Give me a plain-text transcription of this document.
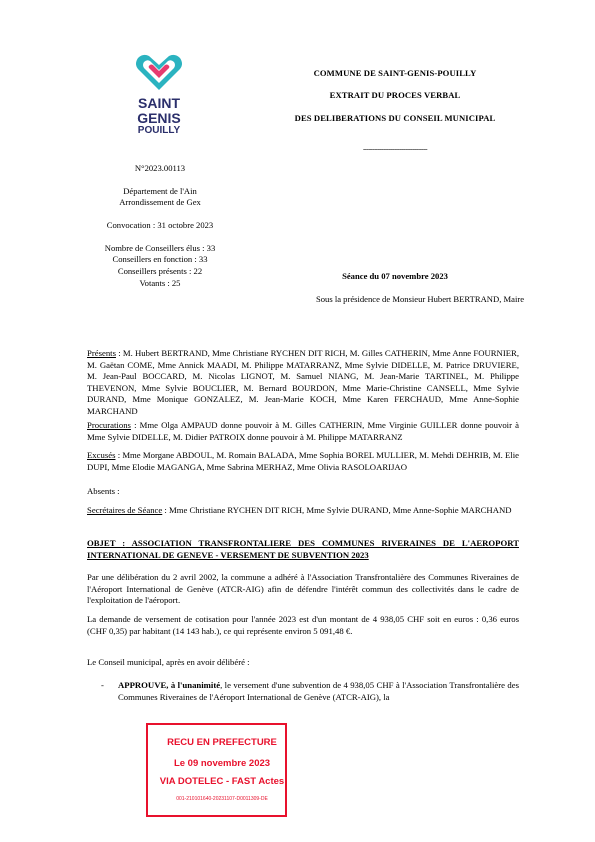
SAINT
GENIS
POUILLY
N°2023.00113
Département de l'Ain
Arrondissement de Gex
Convocation : 31 octobre 2023
Nombre de Conseillers élus : 33
Conseillers en fonction : 33
Conseillers présents : 22
Votants : 25
COMMUNE DE SAINT-GENIS-POUILLY
EXTRAIT DU PROCES VERBAL
DES DELIBERATIONS DU CONSEIL MUNICIPAL
-----------------------------------
Séance du 07 novembre 2023
Sous la présidence de Monsieur Hubert BERTRAND, Maire
Présents : M. Hubert BERTRAND, Mme Christiane RYCHEN DIT RICH, M. Gilles CATHERIN, Mme Anne FOURNIER, M. Gaëtan COME, Mme Annick MAADI, M. Philippe MATARRANZ, Mme Sylvie DIDELLE, M. Patrice DRUVIERE, M. Jean-Paul BOCCARD, M. Nicolas LIGNOT, M. Samuel NIANG, M. Jean-Marie TARTINEL, M. Philippe THEVENON, Mme Sylvie BOUCLIER, M. Bernard BOURDON, Mme Marie-Christine CANSELL, Mme Sylvie DURAND, Mme Monique GONZALEZ, M. Jean-Marie KOCH, Mme Karen FERCHAUD, Mme Anne-Sophie MARCHAND
Procurations : Mme Olga AMPAUD donne pouvoir à M. Gilles CATHERIN, Mme Virginie GUILLER donne pouvoir à Mme Sylvie DIDELLE, M. Didier PATROIX donne pouvoir à M. Philippe MATARRANZ
Excusés : Mme Morgane ABDOUL, M. Romain BALADA, Mme Sophia BOREL MULLIER, M. Mehdi DEHRIB, M. Elie DUPI, Mme Elodie MAGANGA, Mme Sabrina MERHAZ, Mme Olivia RASOLOARIJAO
Absents :
Secrétaires de Séance : Mme Christiane RYCHEN DIT RICH, Mme Sylvie DURAND, Mme Anne-Sophie MARCHAND
OBJET : ASSOCIATION TRANSFRONTALIERE DES COMMUNES RIVERAINES DE L'AEROPORT INTERNATIONAL DE GENEVE - VERSEMENT DE SUBVENTION 2023
Par une délibération du 2 avril 2002, la commune a adhéré à l'Association Transfrontalière des Communes Riveraines de l'Aéroport International de Genève (ATCR-AIG) afin de défendre l'intérêt commun des collectivités dans le cadre de l'exploitation de l'aéroport.
La demande de versement de cotisation pour l'année 2023 est d'un montant de 4 938,05 CHF soit en euros : 0,36 euros (CHF 0,35) par habitant (14 143 hab.), ce qui représente environ 5 091,48 €.
Le Conseil municipal, après en avoir délibéré :
- APPROUVE, à l'unanimité, le versement d'une subvention de 4 938,05 CHF à l'Association Transfrontalière des Communes Riveraines de l'Aéroport International de Genève (ATCR-AIG), la
RECU EN PREFECTURE
Le 09 novembre 2023
VIA DOTELEC - FAST Actes
001-210101640-20231107-D0011309-DE
